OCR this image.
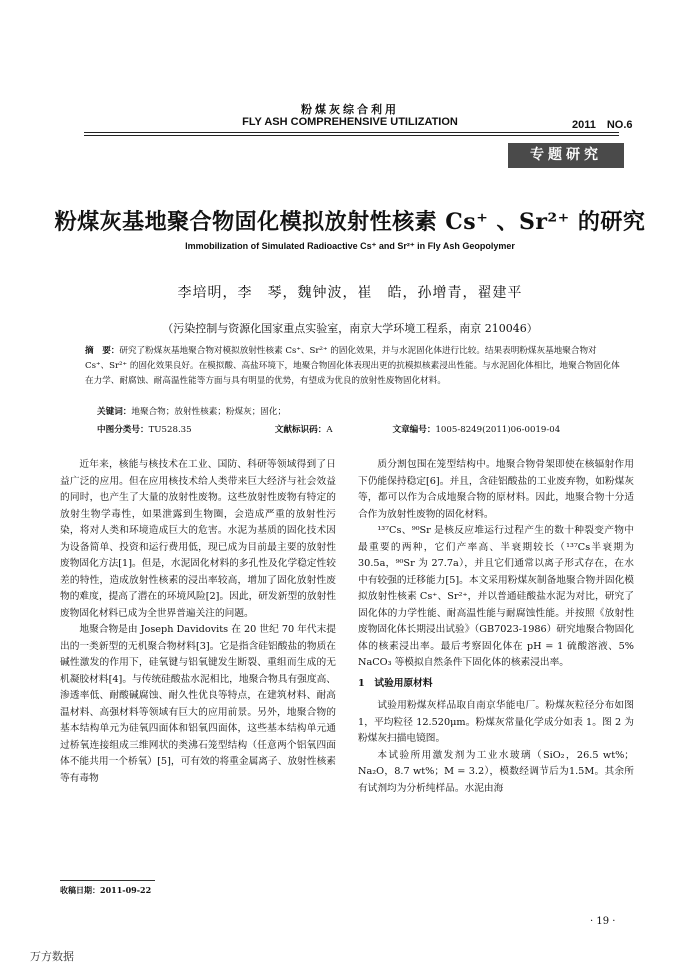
粉煤灰综合利用
FLY ASH COMPREHENSIVE UTILIZATION	2011　NO.6
专题研究
粉煤灰基地聚合物固化模拟放射性核素 Cs⁺ 、Sr²⁺ 的研究
Immobilization of Simulated Radioactive Cs⁺ and Sr²⁺ in Fly Ash Geopolymer
李培明，李　琴，魏钟波，崔　皓，孙增青，翟建平
（污染控制与资源化国家重点实验室，南京大学环境工程系，南京 210046）
摘　要：研究了粉煤灰基地聚合物对模拟放射性核素 Cs⁺、Sr²⁺ 的固化效果，并与水泥固化体进行比较。结果表明粉煤灰基地聚合物对 Cs⁺、Sr²⁺ 的固化效果良好。在模拟酸、高盐环境下，地聚合物固化体表现出更的抗模拟核素浸出性能。与水泥固化体相比，地聚合物固化体在力学、耐腐蚀、耐高温性能等方面与具有明显的优势，有望成为优良的放射性废物固化材料。
关键词：地聚合物；放射性核素；粉煤灰；固化；
中图分类号：TU528.35	文献标识码：A	文章编号：1005-8249(2011)06-0019-04

近年来，核能与核技术在工业、国防、科研等领域得到了日益广泛的应用。但在应用核技术给人类带来巨大经济与社会效益的同时，也产生了大量的放射性废物。这些放射性废物有特定的放射生物学毒性，如果泄露到生物圈，会造成严重的放射性污染，将对人类和环境造成巨大的危害。水泥为基质的固化技术因为设备简单、投资和运行费用低，现已成为目前最主要的放射性废物固化方法[1]。但是，水泥固化材料的多孔性及化学稳定性较差的特性，造成放射性核素的浸出率较高，增加了固化放射性废物的难度，提高了潜在的环境风险[2]。因此，研发新型的放射性废物固化材料已成为全世界普遍关注的问题。

地聚合物是由 Joseph Davidovits 在 20 世纪 70 年代末提出的一类新型的无机聚合物材料[3]。它是指含硅铝酸盐的物质在碱性激发的作用下，硅氧键与铝氧键发生断裂、重组而生成的无机凝胶材料[4]。与传统硅酸盐水泥相比，地聚合物具有强度高、渗透率低、耐酸碱腐蚀、耐久性优良等特点，在建筑材料、耐高温材料、高强材料等领域有巨大的应用前景。另外，地聚合物的基本结构单元为硅氧四面体和铝氧四面体，这些基本结构单元通过桥氧连接组成三维网状的类沸石笼型结构（任意两个铝氧四面体不能共用一个桥氧）[5]，可有效的将重金属离子、放射性核素等有毒物

质分割包围在笼型结构中。地聚合物骨架即使在核辐射作用下仍能保持稳定[6]。并且，含硅铝酸盐的工业废弃物，如粉煤灰等，都可以作为合成地聚合物的原材料。因此，地聚合物十分适合作为放射性废物的固化材料。

¹³⁷Cs、⁹⁰Sr 是核反应堆运行过程产生的数十种裂变产物中最重要的两种，它们产率高、半衰期较长（¹³⁷Cs半衰期为 30.5a，⁹⁰Sr 为 27.7a），并且它们通常以离子形式存在，在水中有较强的迁移能力[5]。本文采用粉煤灰制备地聚合物并固化模拟放射性核素 Cs⁺、Sr²⁺，并以普通硅酸盐水泥为对比，研究了固化体的力学性能、耐高温性能与耐腐蚀性能。并按照《放射性废物固化体长期浸出试验》（GB7023-1986）研究地聚合物固化体的核素浸出率。最后考察固化体在 pH = 1 硫酸溶液、5% NaCO₃ 等模拟自然条件下固化体的核素浸出率。

1　试验用原材料

试验用粉煤灰样品取自南京华能电厂。粉煤灰粒径分布如图 1，平均粒径 12.520μm。粉煤灰常量化学成分如表 1。图 2 为粉煤灰扫描电镜图。

本试验所用激发剂为工业水玻璃（SiO₂，26.5 wt%；Na₂O，8.7 wt%；M = 3.2），模数经调节后为1.5M。其余所有试剂均为分析纯样品。水泥由海

收稿日期：2011-09-22
· 19 ·
万方数据
